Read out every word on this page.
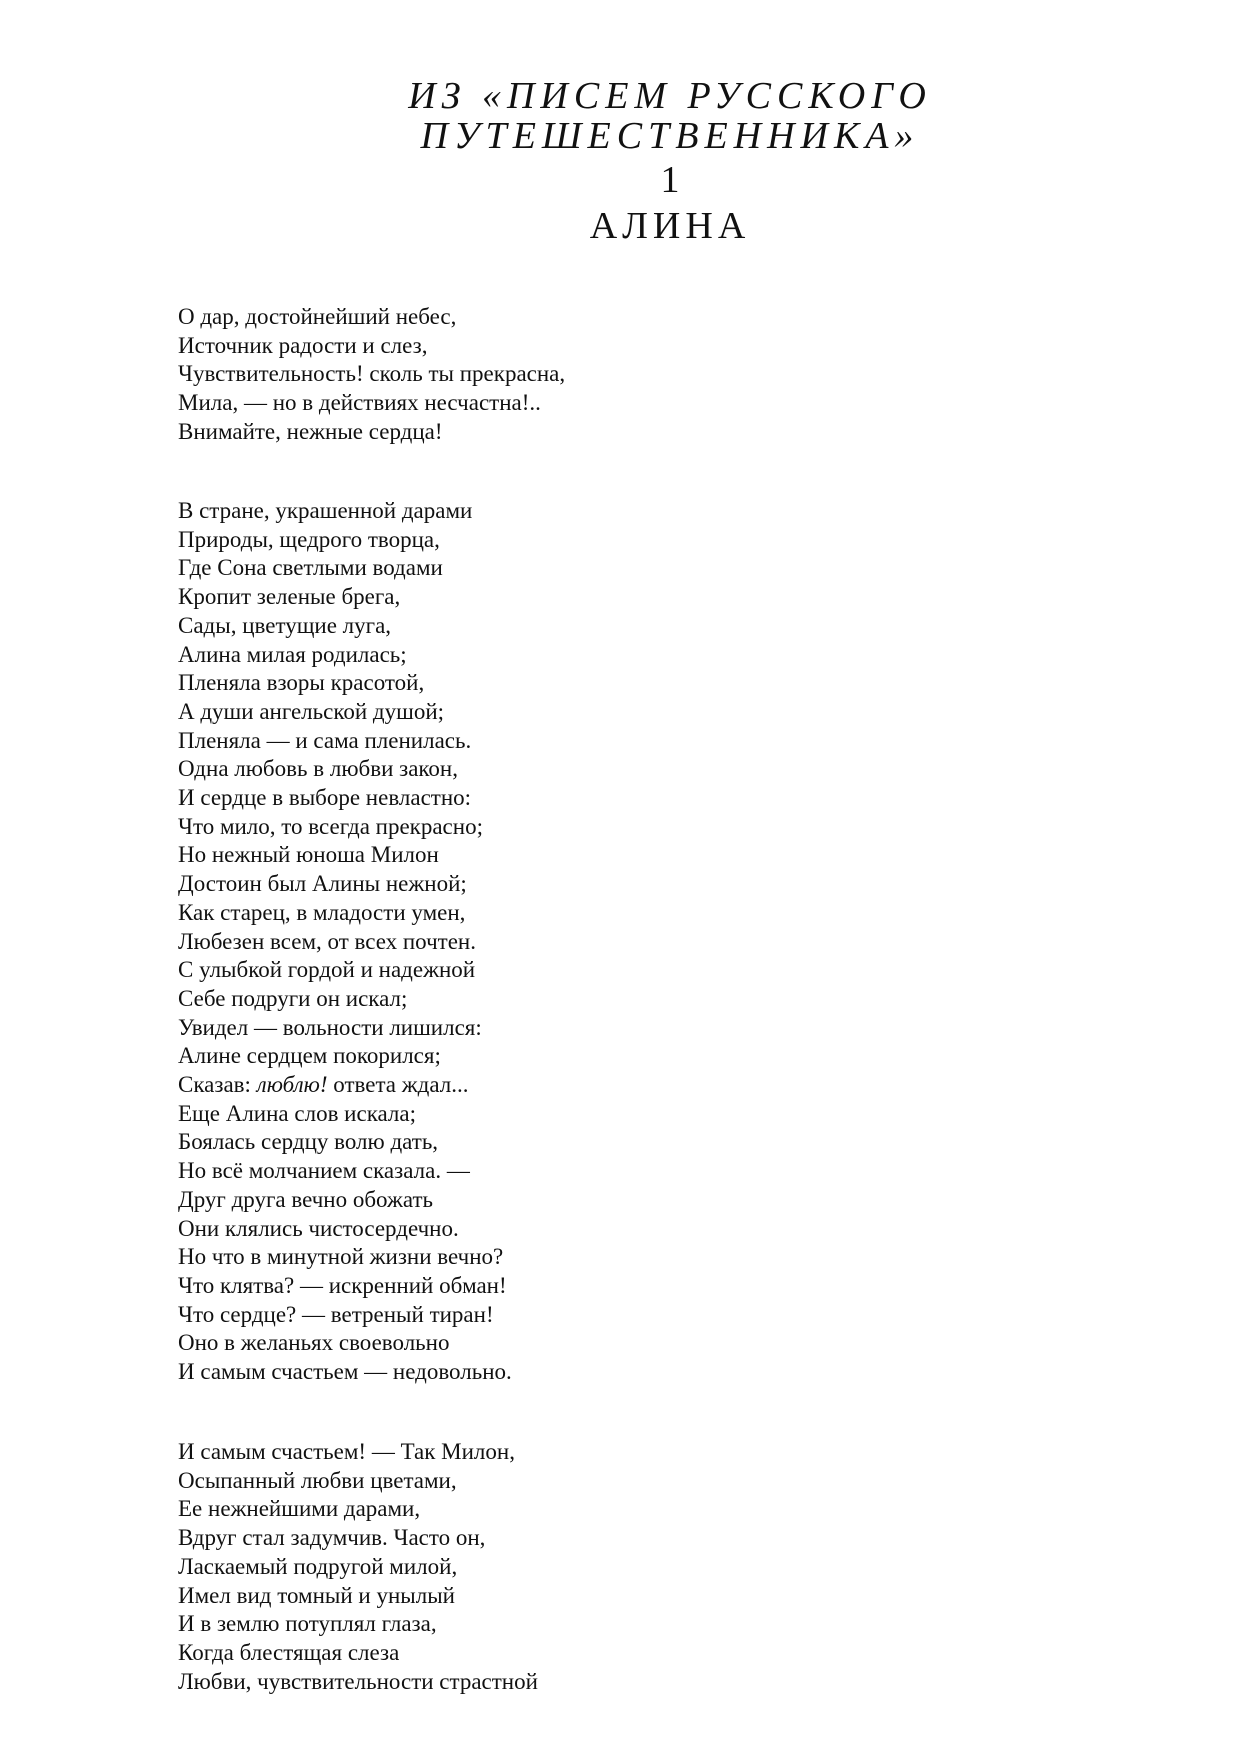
ИЗ «ПИСЕМ РУССКОГО
ПУТЕШЕСТВЕННИКА»
1
АЛИНА
О дар, достойнейший небес,
Источник радости и слез,
Чувствительность! сколь ты прекрасна,
Мила, — но в действиях несчастна!..
Внимайте, нежные сердца!
В стране, украшенной дарами
Природы, щедрого творца,
Где Сона светлыми водами
Кропит зеленые брега,
Сады, цветущие луга,
Алина милая родилась;
Пленяла взоры красотой,
А души ангельской душой;
Пленяла — и сама пленилась.
Одна любовь в любви закон,
И сердце в выборе невластно:
Что мило, то всегда прекрасно;
Но нежный юноша Милон
Достоин был Алины нежной;
Как старец, в младости умен,
Любезен всем, от всех почтен.
С улыбкой гордой и надежной
Себе подруги он искал;
Увидел — вольности лишился:
Алине сердцем покорился;
Сказав: люблю! ответа ждал...
Еще Алина слов искала;
Боялась сердцу волю дать,
Но всё молчанием сказала. —
Друг друга вечно обожать
Они клялись чистосердечно.
Но что в минутной жизни вечно?
Что клятва? — искренний обман!
Что сердце? — ветреный тиран!
Оно в желаньях своевольно
И самым счастьем — недовольно.
И самым счастьем! — Так Милон,
Осыпанный любви цветами,
Ее нежнейшими дарами,
Вдруг стал задумчив. Часто он,
Ласкаемый подругой милой,
Имел вид томный и унылый
И в землю потуплял глаза,
Когда блестящая слеза
Любви, чувствительности страстной
